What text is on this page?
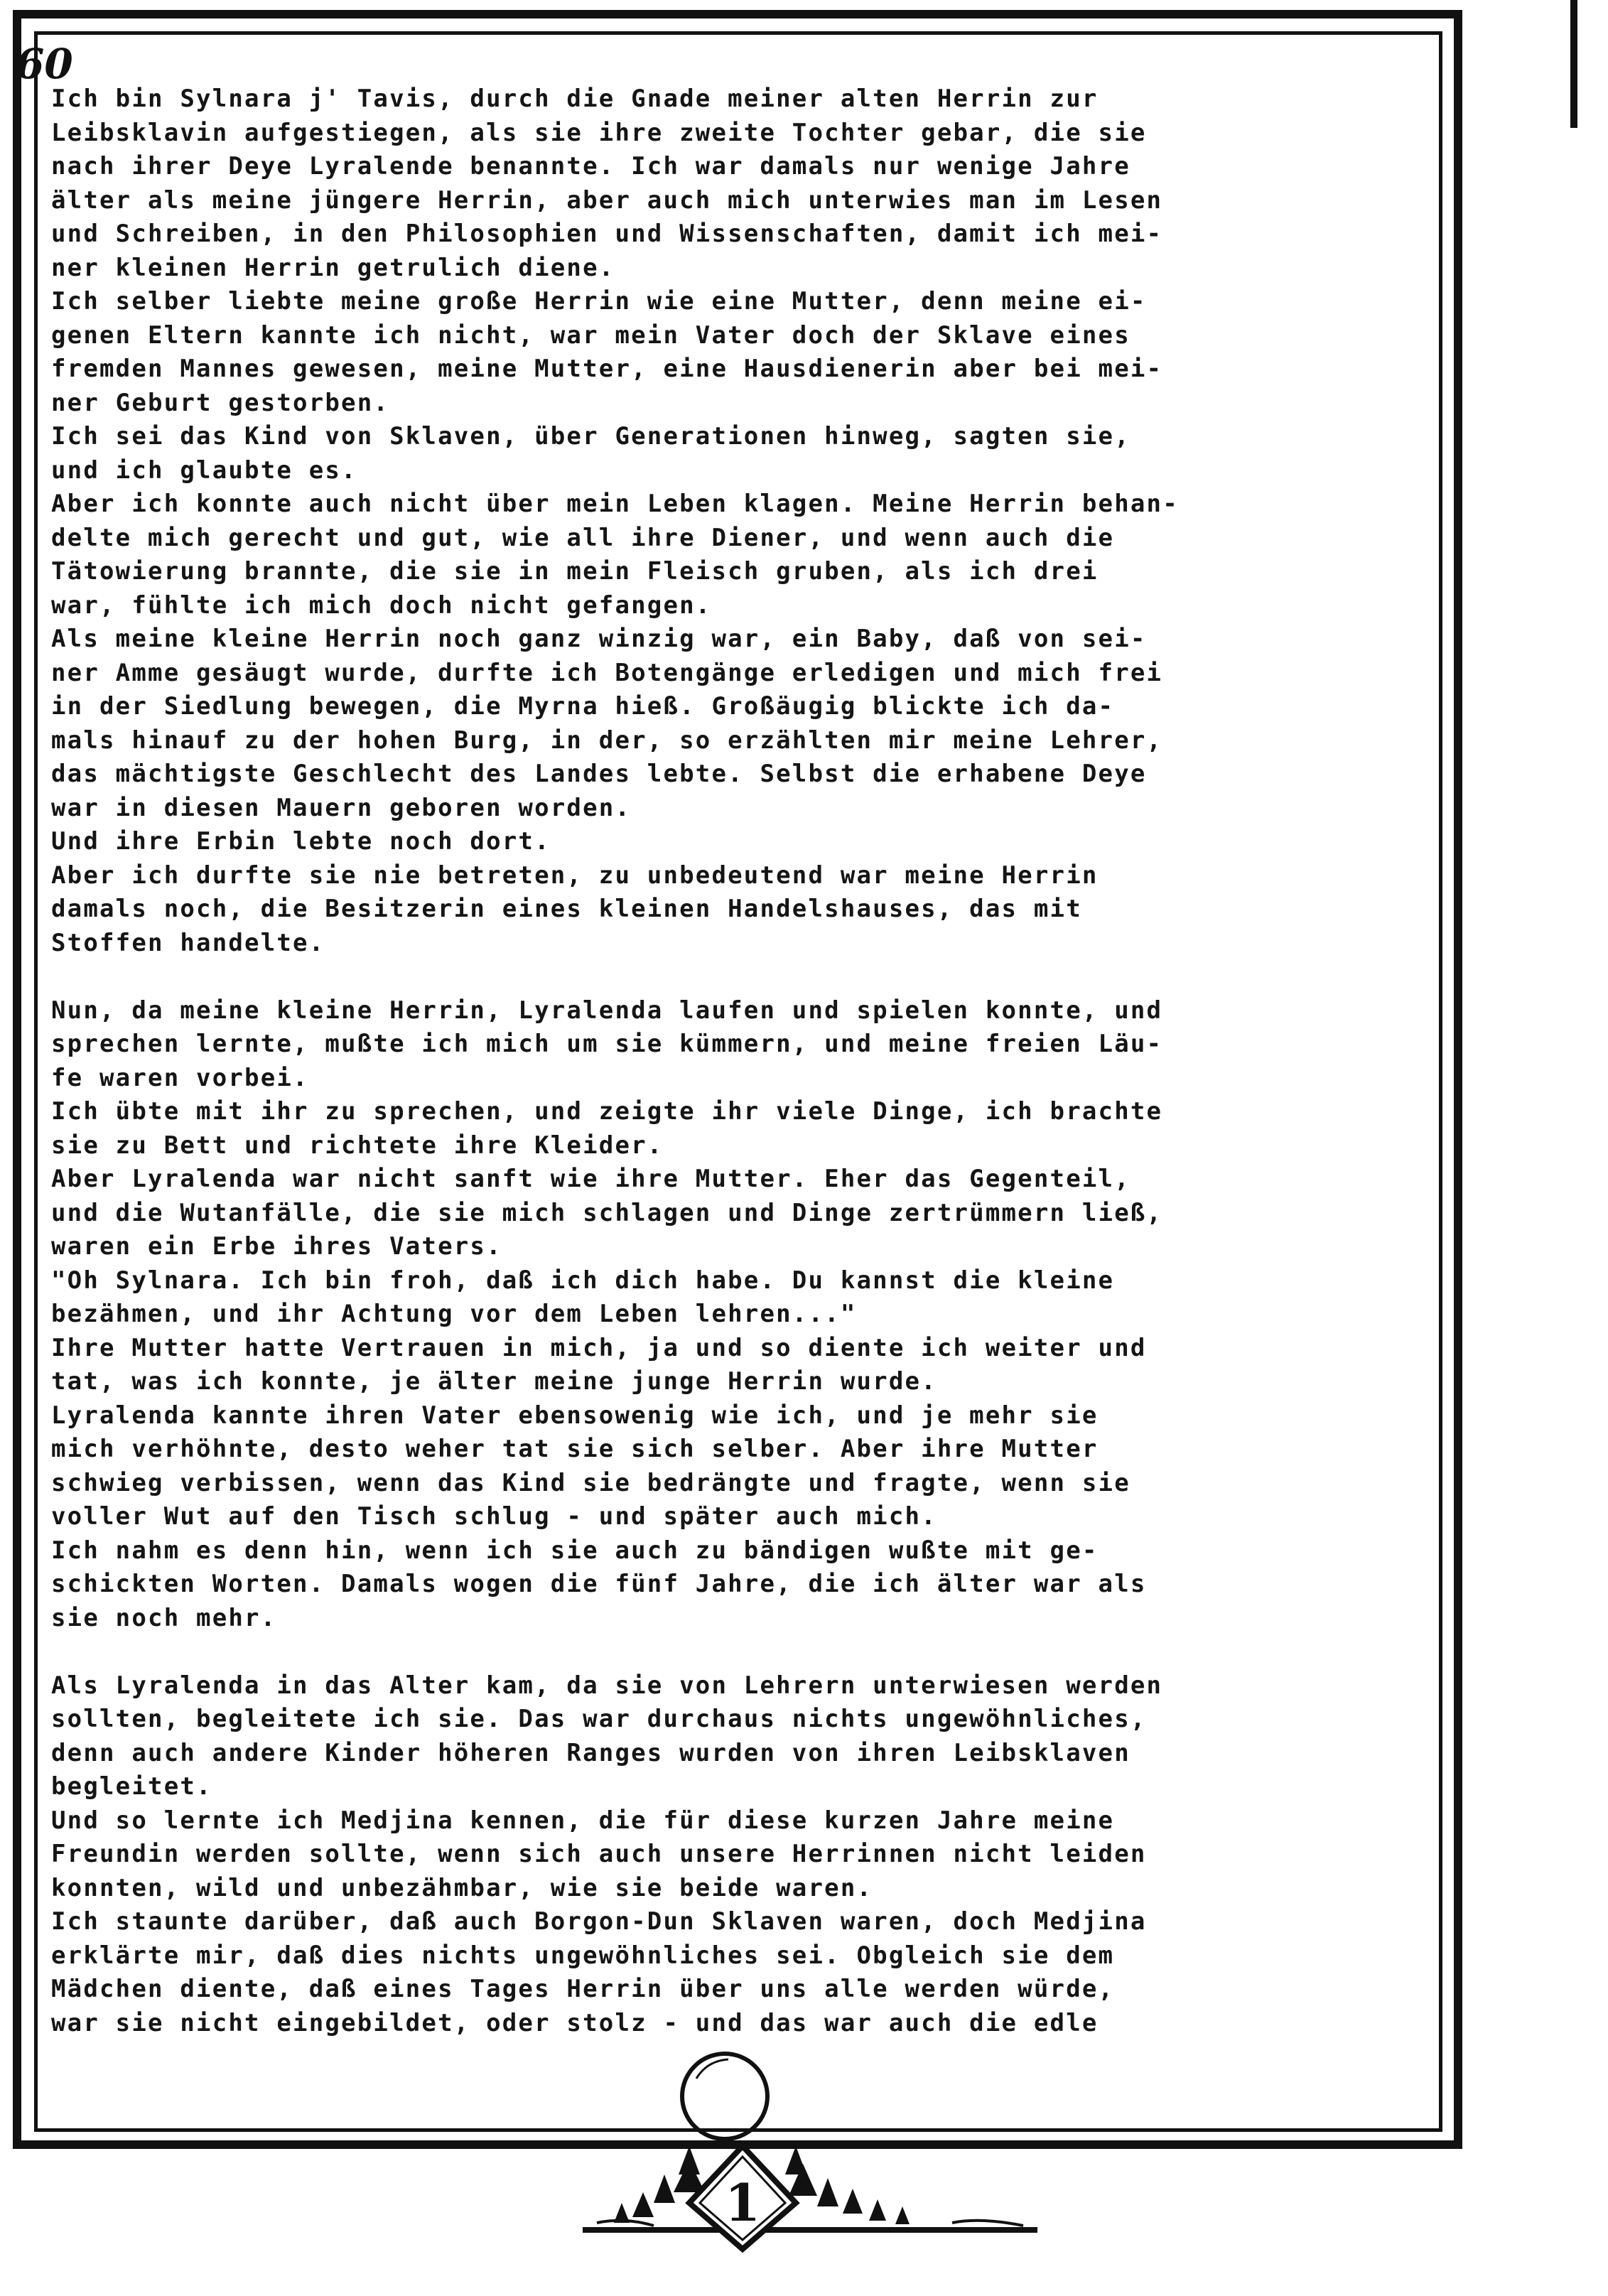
60
Ich bin Sylnara j' Tavis, durch die Gnade meiner alten Herrin zur
Leibsklavin aufgestiegen, als sie ihre zweite Tochter gebar, die sie
nach ihrer Deye Lyralende benannte. Ich war damals nur wenige Jahre
älter als meine jüngere Herrin, aber auch mich unterwies man im Lesen
und Schreiben, in den Philosophien und Wissenschaften, damit ich mei-
ner kleinen Herrin getrulich diene.
Ich selber liebte meine große Herrin wie eine Mutter, denn meine ei-
genen Eltern kannte ich nicht, war mein Vater doch der Sklave eines
fremden Mannes gewesen, meine Mutter, eine Hausdienerin aber bei mei-
ner Geburt gestorben.
Ich sei das Kind von Sklaven, über Generationen hinweg, sagten sie,
und ich glaubte es.
Aber ich konnte auch nicht über mein Leben klagen. Meine Herrin behan-
delte mich gerecht und gut, wie all ihre Diener, und wenn auch die
Tätowierung brannte, die sie in mein Fleisch gruben, als ich drei
war, fühlte ich mich doch nicht gefangen.
Als meine kleine Herrin noch ganz winzig war, ein Baby, daß von sei-
ner Amme gesäugt wurde, durfte ich Botengänge erledigen und mich frei
in der Siedlung bewegen, die Myrna hieß. Großäugig blickte ich da-
mals hinauf zu der hohen Burg, in der, so erzählten mir meine Lehrer,
das mächtigste Geschlecht des Landes lebte. Selbst die erhabene Deye
war in diesen Mauern geboren worden.
Und ihre Erbin lebte noch dort.
Aber ich durfte sie nie betreten, zu unbedeutend war meine Herrin
damals noch, die Besitzerin eines kleinen Handelshauses, das mit
Stoffen handelte.
Nun, da meine kleine Herrin, Lyralenda laufen und spielen konnte, und
sprechen lernte, mußte ich mich um sie kümmern, und meine freien Läu-
fe waren vorbei.
Ich übte mit ihr zu sprechen, und zeigte ihr viele Dinge, ich brachte
sie zu Bett und richtete ihre Kleider.
Aber Lyralenda war nicht sanft wie ihre Mutter. Eher das Gegenteil,
und die Wutanfälle, die sie mich schlagen und Dinge zertrümmern ließ,
waren ein Erbe ihres Vaters.
"Oh Sylnara. Ich bin froh, daß ich dich habe. Du kannst die kleine
bezähmen, und ihr Achtung vor dem Leben lehren..."
Ihre Mutter hatte Vertrauen in mich, ja und so diente ich weiter und
tat, was ich konnte, je älter meine junge Herrin wurde.
Lyralenda kannte ihren Vater ebensowenig wie ich, und je mehr sie
mich verhöhnte, desto weher tat sie sich selber. Aber ihre Mutter
schwieg verbissen, wenn das Kind sie bedrängte und fragte, wenn sie
voller Wut auf den Tisch schlug - und später auch mich.
Ich nahm es denn hin, wenn ich sie auch zu bändigen wußte mit ge-
schickten Worten. Damals wogen die fünf Jahre, die ich älter war als
sie noch mehr.
Als Lyralenda in das Alter kam, da sie von Lehrern unterwiesen werden
sollten, begleitete ich sie. Das war durchaus nichts ungewöhnliches,
denn auch andere Kinder höheren Ranges wurden von ihren Leibsklaven
begleitet.
Und so lernte ich Medjina kennen, die für diese kurzen Jahre meine
Freundin werden sollte, wenn sich auch unsere Herrinnen nicht leiden
konnten, wild und unbezähmbar, wie sie beide waren.
Ich staunte darüber, daß auch Borgon-Dun Sklaven waren, doch Medjina
erklärte mir, daß dies nichts ungewöhnliches sei. Obgleich sie dem
Mädchen diente, daß eines Tages Herrin über uns alle werden würde,
war sie nicht eingebildet, oder stolz - und das war auch die edle
1
